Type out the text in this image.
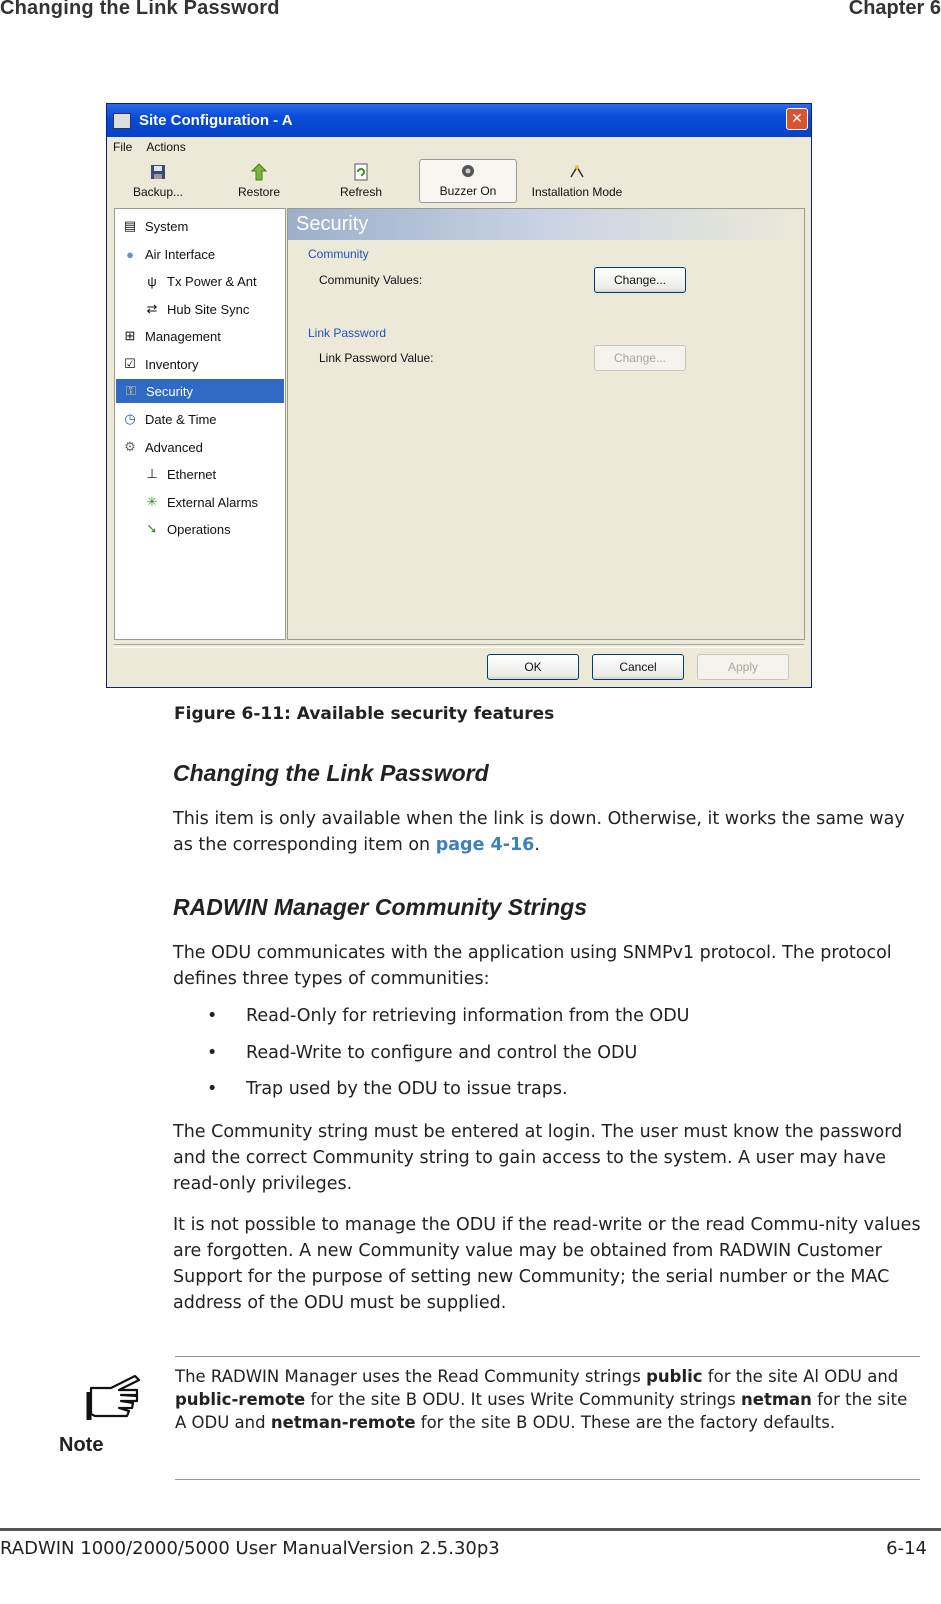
Changing the Link Password	Chapter 6
Site Configuration - A	✕
File Actions
Backup...	Restore	Refresh	Buzzer On	Installation Mode
▤ System
● Air Interface
ψ Tx Power & Ant
⇄ Hub Site Sync
⊞ Management
☑ Inventory
⚿ Security
◷ Date & Time
⚙ Advanced
⊥ Ethernet
✳ External Alarms
➘ Operations
Security
Community
Community Values:	Change...
Link Password
Link Password Value:	Change...
OK	Cancel	Apply
Figure 6-11: Available security features
Changing the Link Password
This item is only available when the link is down. Otherwise, it works the same way as the corresponding item on page 4-16.
RADWIN Manager Community Strings
The ODU communicates with the application using SNMPv1 protocol. The protocol defines three types of communities:
• Read-Only for retrieving information from the ODU
• Read-Write to configure and control the ODU
• Trap used by the ODU to issue traps.
The Community string must be entered at login. The user must know the password and the correct Community string to gain access to the system. A user may have read-only privileges.
It is not possible to manage the ODU if the read-write or the read Commu-nity values are forgotten. A new Community value may be obtained from RADWIN Customer Support for the purpose of setting new Community; the serial number or the MAC address of the ODU must be supplied.
Note
The RADWIN Manager uses the Read Community strings public for the site Al ODU and public-remote for the site B ODU. It uses Write Community strings netman for the site A ODU and netman-remote for the site B ODU. These are the factory defaults.
RADWIN 1000/2000/5000 User ManualVersion 2.5.30p3	6-14
